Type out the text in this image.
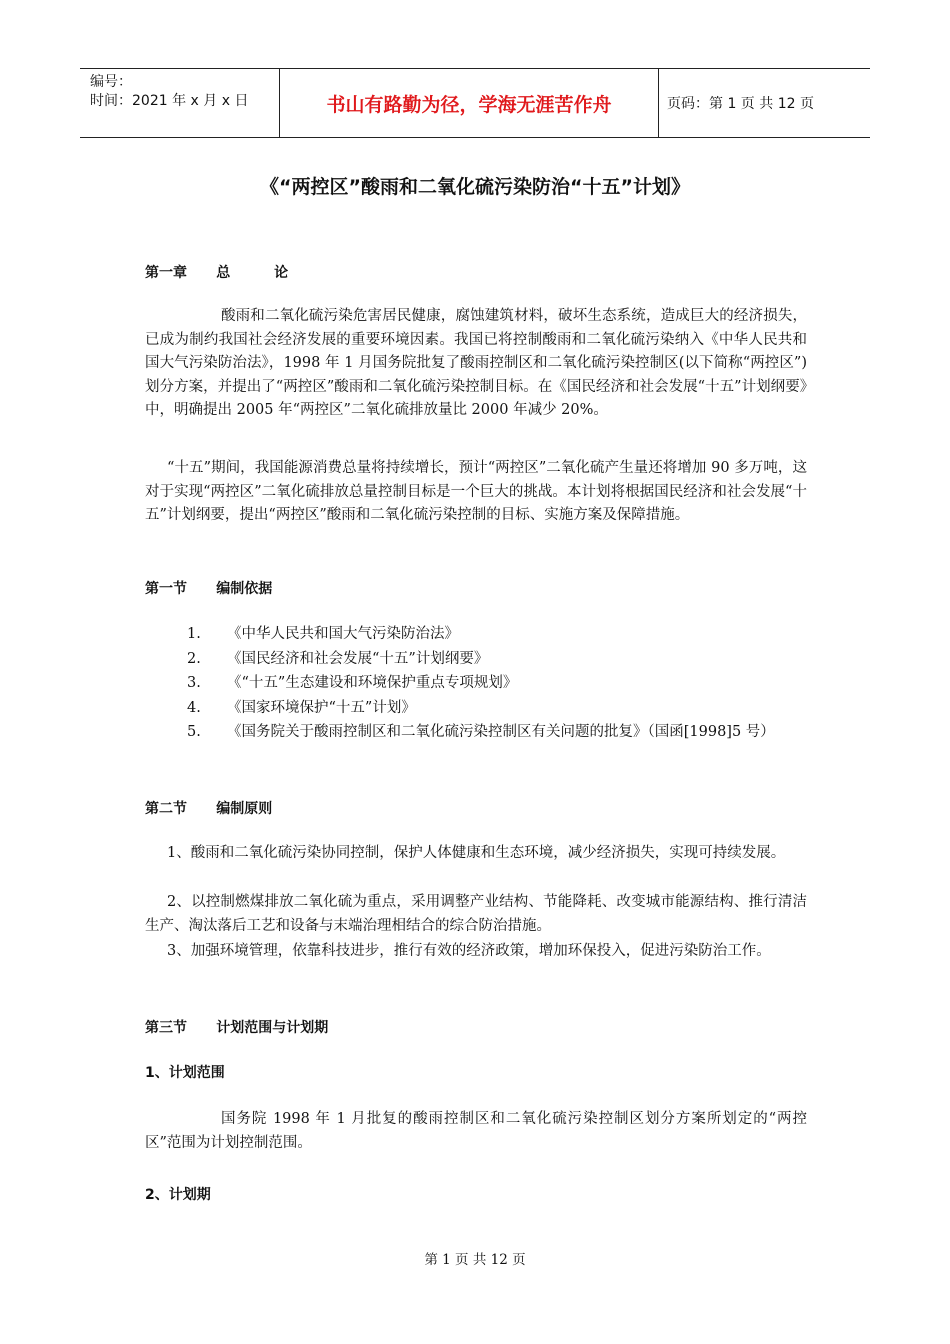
编号：
时间：2021 年 x 月 x 日	书山有路勤为径，学海无涯苦作舟	页码：第 1 页 共 12 页
《“两控区”酸雨和二氧化硫污染防治“十五”计划》
第一章      总         论

酸雨和二氧化硫污染危害居民健康，腐蚀建筑材料，破坏生态系统，造成巨大的经济损失，已成为制约我国社会经济发展的重要环境因素。我国已将控制酸雨和二氧化硫污染纳入《中华人民共和国大气污染防治法》，1998 年 1 月国务院批复了酸雨控制区和二氧化硫污染控制区(以下简称“两控区”)划分方案，并提出了“两控区”酸雨和二氧化硫污染控制目标。在《国民经济和社会发展“十五”计划纲要》中，明确提出 2005 年“两控区”二氧化硫排放量比 2000 年减少 20%。

“十五”期间，我国能源消费总量将持续增长，预计“两控区”二氧化硫产生量还将增加 90 多万吨，这对于实现“两控区”二氧化硫排放总量控制目标是一个巨大的挑战。本计划将根据国民经济和社会发展“十五”计划纲要，提出“两控区”酸雨和二氧化硫污染控制的目标、实施方案及保障措施。

第一节      编制依据
1. 《中华人民共和国大气污染防治法》
2. 《国民经济和社会发展“十五”计划纲要》
3. 《“十五”生态建设和环境保护重点专项规划》
4. 《国家环境保护“十五”计划》
5. 《国务院关于酸雨控制区和二氧化硫污染控制区有关问题的批复》（国函[1998]5 号）
第二节      编制原则

1、酸雨和二氧化硫污染协同控制，保护人体健康和生态环境，减少经济损失，实现可持续发展。

2、以控制燃煤排放二氧化硫为重点，采用调整产业结构、节能降耗、改变城市能源结构、推行清洁生产、淘汰落后工艺和设备与末端治理相结合的综合防治措施。

3、加强环境管理，依靠科技进步，推行有效的经济政策，增加环保投入，促进污染防治工作。

第三节      计划范围与计划期
1、计划范围

国务院 1998 年 1 月批复的酸雨控制区和二氧化硫污染控制区划分方案所划定的“两控区”范围为计划控制范围。

2、计划期
第 1 页 共 12 页
